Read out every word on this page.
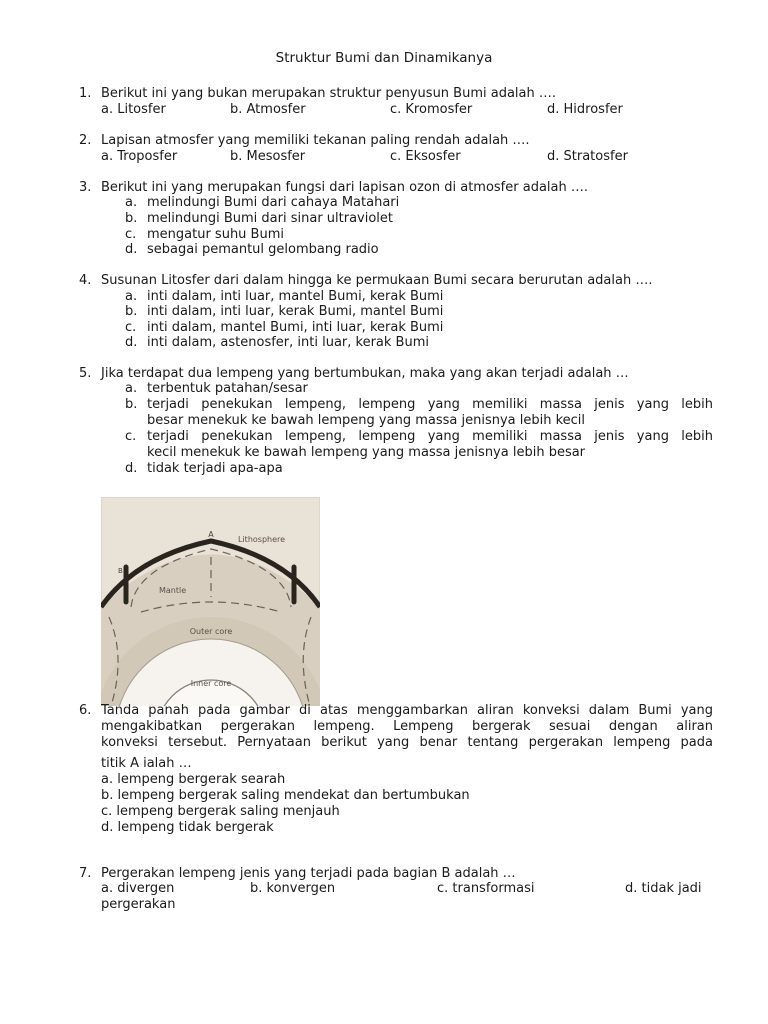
Struktur Bumi dan Dinamikanya
1. Berikut ini yang bukan merupakan struktur penyusun Bumi adalah ….
a. Litosfer	b. Atmosfer	c. Kromosfer	d. Hidrosfer
2. Lapisan atmosfer yang memiliki tekanan paling rendah adalah ….
a. Troposfer	b. Mesosfer	c. Eksosfer	d. Stratosfer
3. Berikut ini yang merupakan fungsi dari lapisan ozon di atmosfer adalah ….
a. melindungi Bumi dari cahaya Matahari
b. melindungi Bumi dari sinar ultraviolet
c. mengatur suhu Bumi
d. sebagai pemantul gelombang radio
4. Susunan Litosfer dari dalam hingga ke permukaan Bumi secara berurutan adalah ….
a. inti dalam, inti luar, mantel Bumi, kerak Bumi
b. inti dalam, inti luar, kerak Bumi, mantel Bumi
c. inti dalam, mantel Bumi, inti luar, kerak Bumi
d. inti dalam, astenosfer, inti luar, kerak Bumi
5. Jika terdapat dua lempeng yang bertumbukan, maka yang akan terjadi adalah …
a. terbentuk patahan/sesar
b. terjadi penekukan lempeng, lempeng yang memiliki massa jenis yang lebih
besar menekuk ke bawah lempeng yang massa jenisnya lebih kecil
c. terjadi penekukan lempeng, lempeng yang memiliki massa jenis yang lebih
kecil menekuk ke bawah lempeng yang massa jenisnya lebih besar
d. tidak terjadi apa-apa
A
B
Lithosphere
Mantle
Outer core
Inner core
6. Tanda panah pada gambar di atas menggambarkan aliran konveksi dalam Bumi yang
mengakibatkan pergerakan lempeng. Lempeng bergerak sesuai dengan aliran
konveksi tersebut. Pernyataan berikut yang benar tentang pergerakan lempeng pada
titik A ialah …
a. lempeng bergerak searah
b. lempeng bergerak saling mendekat dan bertumbukan
c. lempeng bergerak saling menjauh
d. lempeng tidak bergerak
7. Pergerakan lempeng jenis yang terjadi pada bagian B adalah …
a. divergen	b. konvergen	c. transformasi	d. tidak jadi
pergerakan
